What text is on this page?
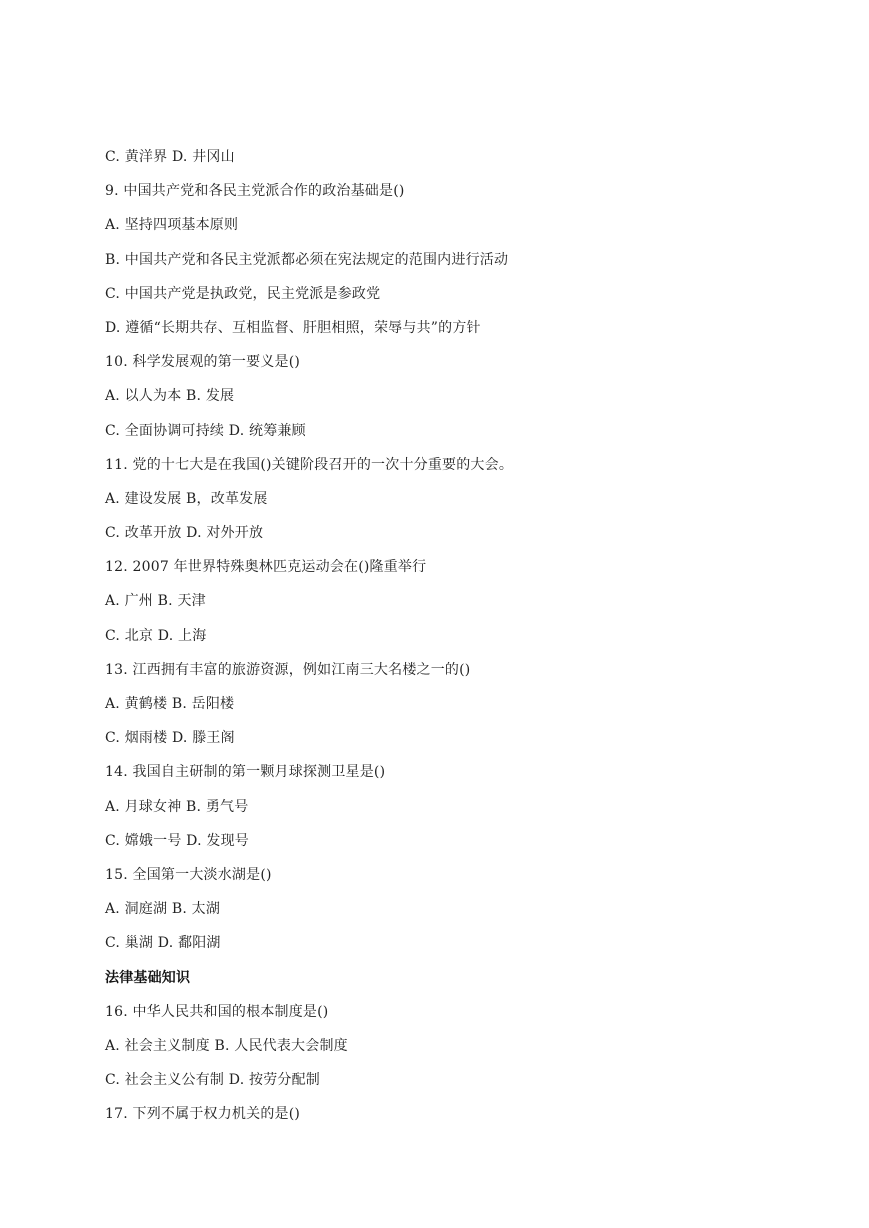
C. 黄洋界 D. 井冈山
9. 中国共产党和各民主党派合作的政治基础是()
A. 坚持四项基本原则
B. 中国共产党和各民主党派都必须在宪法规定的范围内进行活动
C. 中国共产党是执政党，民主党派是参政党
D. 遵循“长期共存、互相监督、肝胆相照，荣辱与共”的方针
10. 科学发展观的第一要义是()
A. 以人为本 B. 发展
C. 全面协调可持续 D. 统筹兼顾
11. 党的十七大是在我国()关键阶段召开的一次十分重要的大会。
A. 建设发展 B，改革发展
C. 改革开放 D. 对外开放
12. 2007 年世界特殊奥林匹克运动会在()隆重举行
A. 广州 B. 天津
C. 北京 D. 上海
13. 江西拥有丰富的旅游资源，例如江南三大名楼之一的()
A. 黄鹤楼 B. 岳阳楼
C. 烟雨楼 D. 滕王阁
14. 我国自主研制的第一颗月球探测卫星是()
A. 月球女神 B. 勇气号
C. 嫦娥一号 D. 发现号
15. 全国第一大淡水湖是()
A. 洞庭湖 B. 太湖
C. 巢湖 D. 鄱阳湖
法律基础知识
16. 中华人民共和国的根本制度是()
A. 社会主义制度 B. 人民代表大会制度
C. 社会主义公有制 D. 按劳分配制
17. 下列不属于权力机关的是()
